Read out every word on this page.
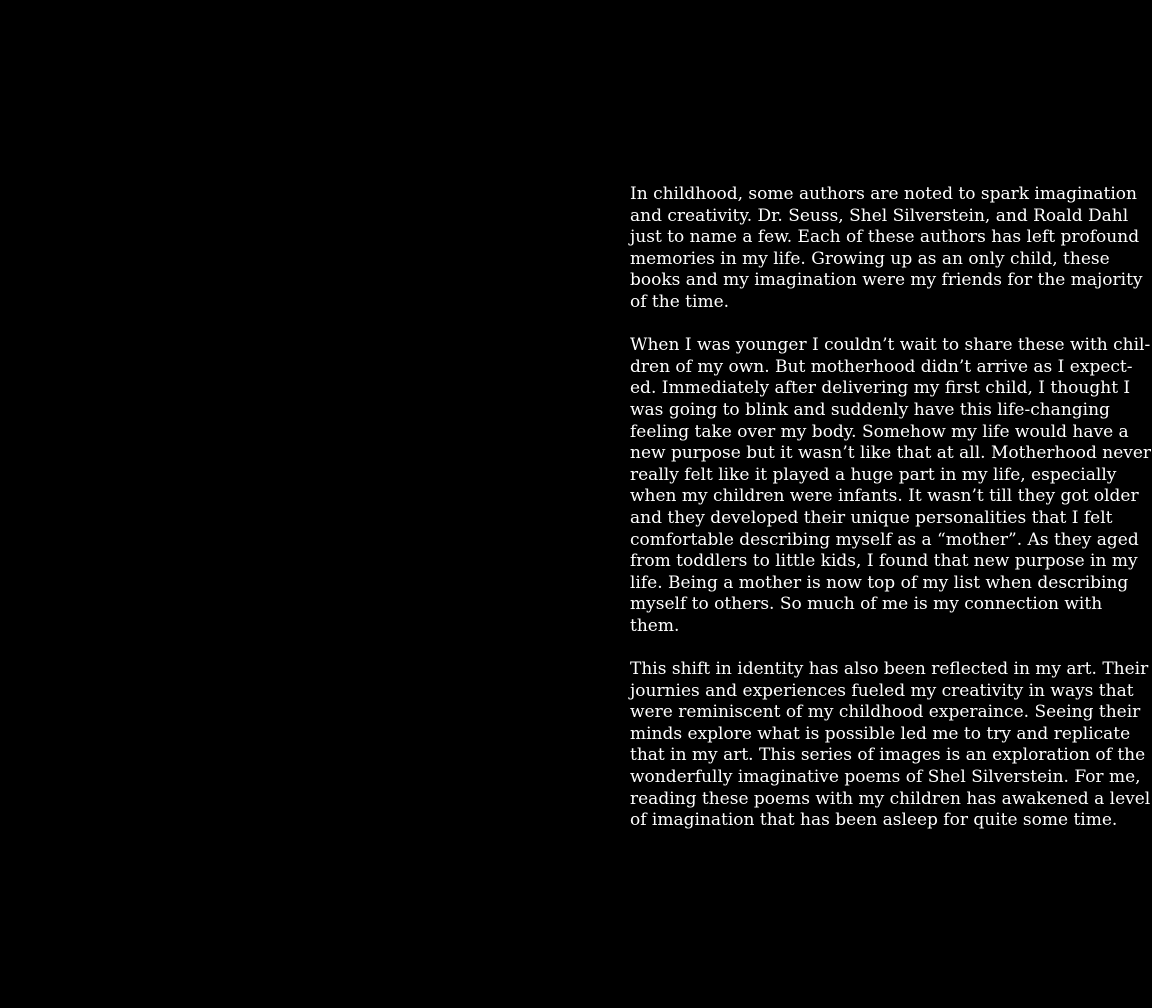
In childhood, some authors are noted to spark imagination
and creativity. Dr. Seuss, Shel Silverstein, and Roald Dahl
just to name a few. Each of these authors has left profound
memories in my life. Growing up as an only child, these
books and my imagination were my friends for the majority
of the time.

When I was younger I couldn’t wait to share these with chil-
dren of my own. But motherhood didn’t arrive as I expect-
ed. Immediately after delivering my first child, I thought I
was going to blink and suddenly have this life-changing
feeling take over my body. Somehow my life would have a
new purpose but it wasn’t like that at all. Motherhood never
really felt like it played a huge part in my life, especially
when my children were infants. It wasn’t till they got older
and they developed their unique personalities that I felt
comfortable describing myself as a “mother”. As they aged
from toddlers to little kids, I found that new purpose in my
life. Being a mother is now top of my list when describing
myself to others. So much of me is my connection with
them.

This shift in identity has also been reflected in my art. Their
journies and experiences fueled my creativity in ways that
were reminiscent of my childhood experaince. Seeing their
minds explore what is possible led me to try and replicate
that in my art. This series of images is an exploration of the
wonderfully imaginative poems of Shel Silverstein. For me,
reading these poems with my children has awakened a level
of imagination that has been asleep for quite some time.
